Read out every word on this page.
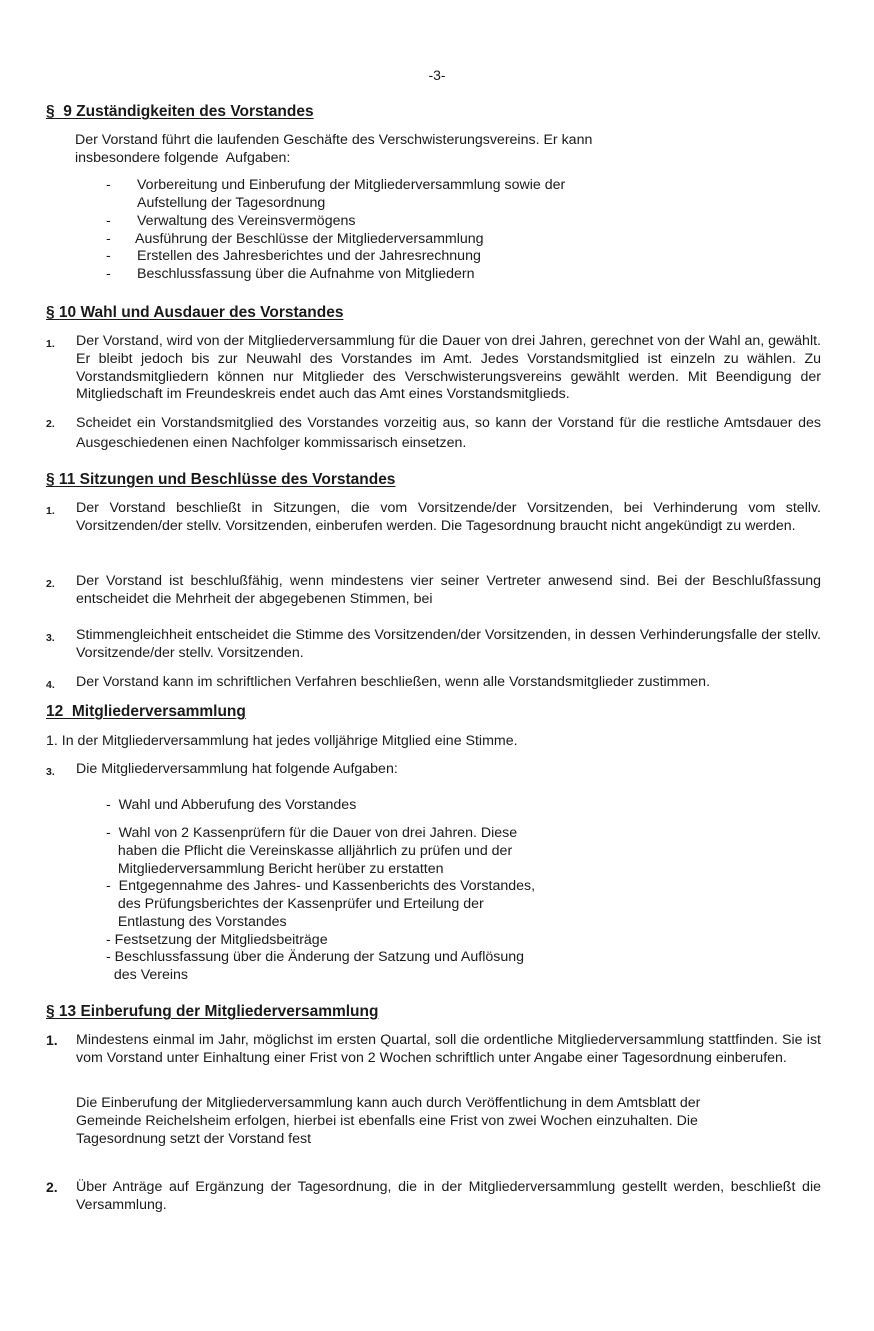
-3-
§  9 Zuständigkeiten des Vorstandes
Der Vorstand führt die laufenden Geschäfte des Verschwisterungsvereins. Er kann
insbesondere folgende  Aufgaben:
- Vorbereitung und Einberufung der Mitgliederversammlung sowie der
Aufstellung der Tagesordnung
- Verwaltung des Vereinsvermögens
- Ausführung der Beschlüsse der Mitgliederversammlung
- Erstellen des Jahresberichtes und der Jahresrechnung
- Beschlussfassung über die Aufnahme von Mitgliedern
§ 10 Wahl und Ausdauer des Vorstandes
1. Der Vorstand, wird von der Mitgliederversammlung für die Dauer von drei Jahren, gerechnet von der Wahl an, gewählt. Er bleibt jedoch bis zur Neuwahl des Vorstandes im Amt. Jedes Vorstandsmitglied ist einzeln zu wählen. Zu Vorstandsmitgliedern können nur Mitglieder des Verschwisterungsvereins gewählt werden. Mit Beendigung der Mitgliedschaft im Freundeskreis endet auch das Amt eines Vorstandsmitglieds.
2. Scheidet ein Vorstandsmitglied des Vorstandes vorzeitig aus, so kann der Vorstand für die restliche Amtsdauer des Ausgeschiedenen einen Nachfolger kommissarisch einsetzen.
§ 11 Sitzungen und Beschlüsse des Vorstandes
1. Der Vorstand beschließt in Sitzungen, die vom Vorsitzende/der Vorsitzenden, bei Verhinderung vom stellv. Vorsitzenden/der stellv. Vorsitzenden, einberufen werden. Die Tagesordnung braucht nicht angekündigt zu werden.
2. Der Vorstand ist beschlußfähig, wenn mindestens vier seiner Vertreter anwesend sind. Bei der Beschlußfassung entscheidet die Mehrheit der abgegebenen Stimmen, bei
3. Stimmengleichheit entscheidet die Stimme des Vorsitzenden/der Vorsitzenden, in dessen Verhinderungsfalle der stellv. Vorsitzende/der stellv. Vorsitzenden.
4. Der Vorstand kann im schriftlichen Verfahren beschließen, wenn alle Vorstandsmitglieder zustimmen.
12  Mitgliederversammlung
1. In der Mitgliederversammlung hat jedes volljährige Mitglied eine Stimme.
3. Die Mitgliederversammlung hat folgende Aufgaben:
-  Wahl und Abberufung des Vorstandes
-  Wahl von 2 Kassenprüfern für die Dauer von drei Jahren. Diese
haben die Pflicht die Vereinskasse alljährlich zu prüfen und der
Mitgliederversammlung Bericht herüber zu erstatten
-  Entgegennahme des Jahres- und Kassenberichts des Vorstandes,
des Prüfungsberichtes der Kassenprüfer und Erteilung der
Entlastung des Vorstandes
- Festsetzung der Mitgliedsbeiträge
- Beschlussfassung über die Änderung der Satzung und Auflösung
des Vereins
§ 13 Einberufung der Mitgliederversammlung
1. Mindestens einmal im Jahr, möglichst im ersten Quartal, soll die ordentliche Mitgliederversammlung stattfinden. Sie ist vom Vorstand unter Einhaltung einer Frist von 2 Wochen schriftlich unter Angabe einer Tagesordnung einberufen.
Die Einberufung der Mitgliederversammlung kann auch durch Veröffentlichung in dem Amtsblatt der
Gemeinde Reichelsheim erfolgen, hierbei ist ebenfalls eine Frist von zwei Wochen einzuhalten. Die
Tagesordnung setzt der Vorstand fest
2. Über Anträge auf Ergänzung der Tagesordnung, die in der Mitgliederversammlung gestellt werden, beschließt die Versammlung.
